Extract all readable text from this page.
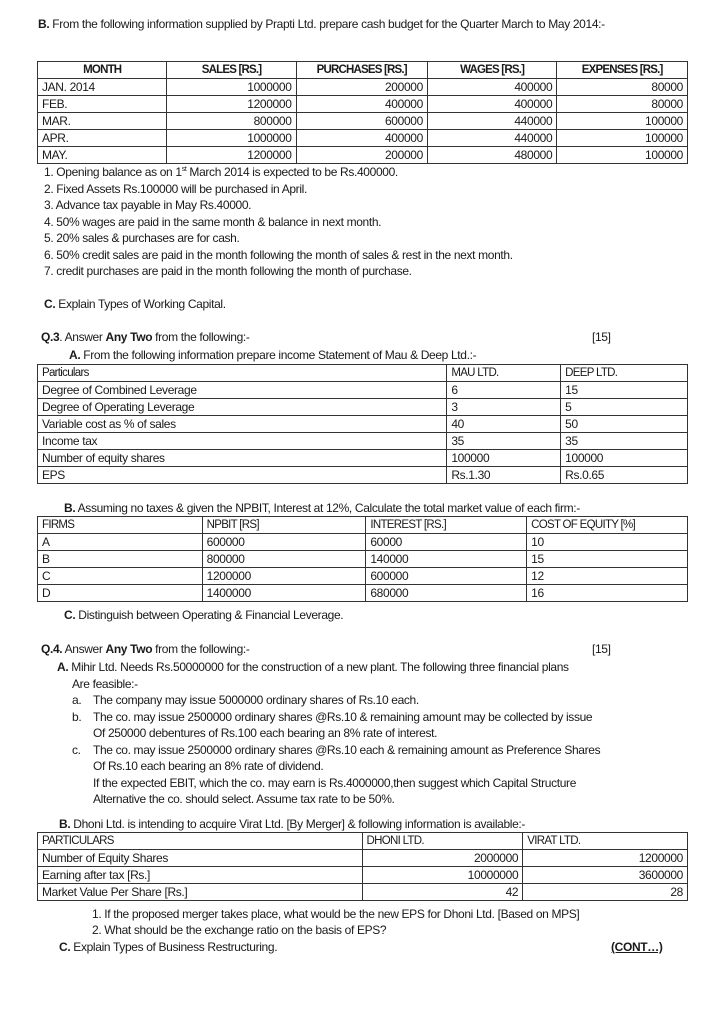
B. From the following information supplied by Prapti Ltd. prepare cash budget for the Quarter March to May 2014:-
MONTH	SALES [RS.]	PURCHASES [RS.]	WAGES [RS.]	EXPENSES [RS.]
JAN. 2014	1000000	200000	400000	80000
FEB.	1200000	400000	400000	80000
MAR.	800000	600000	440000	100000
APR.	1000000	400000	440000	100000
MAY.	1200000	200000	480000	100000
1. Opening balance as on 1st March 2014 is expected to be Rs.400000.
2. Fixed Assets Rs.100000 will be purchased in April.
3. Advance tax payable in May Rs.40000.
4. 50% wages are paid in the same month & balance in next month.
5. 20% sales & purchases are for cash.
6. 50% credit sales are paid in the month following the month of sales & rest in the next month.
7. credit purchases are paid in the month following the month of purchase.
C. Explain Types of Working Capital.
Q.3. Answer Any Two from the following:-	[15]
A. From the following information prepare income Statement of Mau & Deep Ltd.:-
Particulars	MAU LTD.	DEEP LTD.
Degree of Combined Leverage	6	15
Degree of Operating Leverage	3	5
Variable cost as % of sales	40	50
Income tax	35	35
Number of equity shares	100000	100000
EPS	Rs.1.30	Rs.0.65
B. Assuming no taxes & given the NPBIT, Interest at 12%, Calculate the total market value of each firm:-
FIRMS	NPBIT [RS]	INTEREST [RS.]	COST OF EQUITY [%]
A	600000	60000	10
B	800000	140000	15
C	1200000	600000	12
D	1400000	680000	16
C. Distinguish between Operating & Financial Leverage.
Q.4. Answer Any Two from the following:-	[15]
A. Mihir Ltd. Needs Rs.50000000 for the construction of a new plant. The following three financial plans
Are feasible:-
a. The company may issue 5000000 ordinary shares of Rs.10 each.
b. The co. may issue 2500000 ordinary shares @Rs.10 & remaining amount may be collected by issue
Of 250000 debentures of Rs.100 each bearing an 8% rate of interest.
c. The co. may issue 2500000 ordinary shares @Rs.10 each & remaining amount as Preference Shares
Of Rs.10 each bearing an 8% rate of dividend.
If the expected EBIT, which the co. may earn is Rs.4000000,then suggest which Capital Structure
Alternative the co. should select. Assume tax rate to be 50%.
B. Dhoni Ltd. is intending to acquire Virat Ltd. [By Merger] & following information is available:-
PARTICULARS	DHONI LTD.	VIRAT LTD.
Number of Equity Shares	2000000	1200000
Earning after tax [Rs.]	10000000	3600000
Market Value Per Share [Rs.]	42	28
1. If the proposed merger takes place, what would be the new EPS for Dhoni Ltd. [Based on MPS]
2. What should be the exchange ratio on the basis of EPS?
C. Explain Types of Business Restructuring.	(CONT…)
